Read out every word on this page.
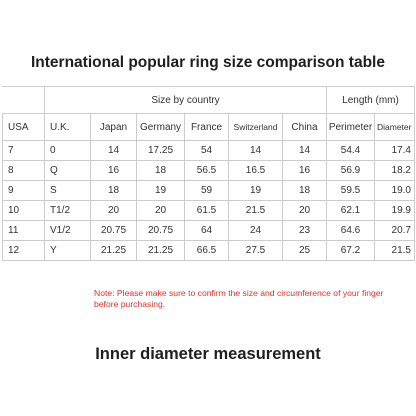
International popular ring size comparison table
	Size by country						Length (mm)	
USA	U.K.	Japan	Germany	France	Switzerland	China	Perimeter	Diameter
7	0	14	17.25	54	14	14	54.4	17.4
8	Q	16	18	56.5	16.5	16	56.9	18.2
9	S	18	19	59	19	18	59.5	19.0
10	T1/2	20	20	61.5	21.5	20	62.1	19.9
11	V1/2	20.75	20.75	64	24	23	64.6	20.7
12	Y	21.25	21.25	66.5	27.5	25	67.2	21.5
Note: Please make sure to confirm the size and circumference of your finger before purchasing.
Inner diameter measurement
